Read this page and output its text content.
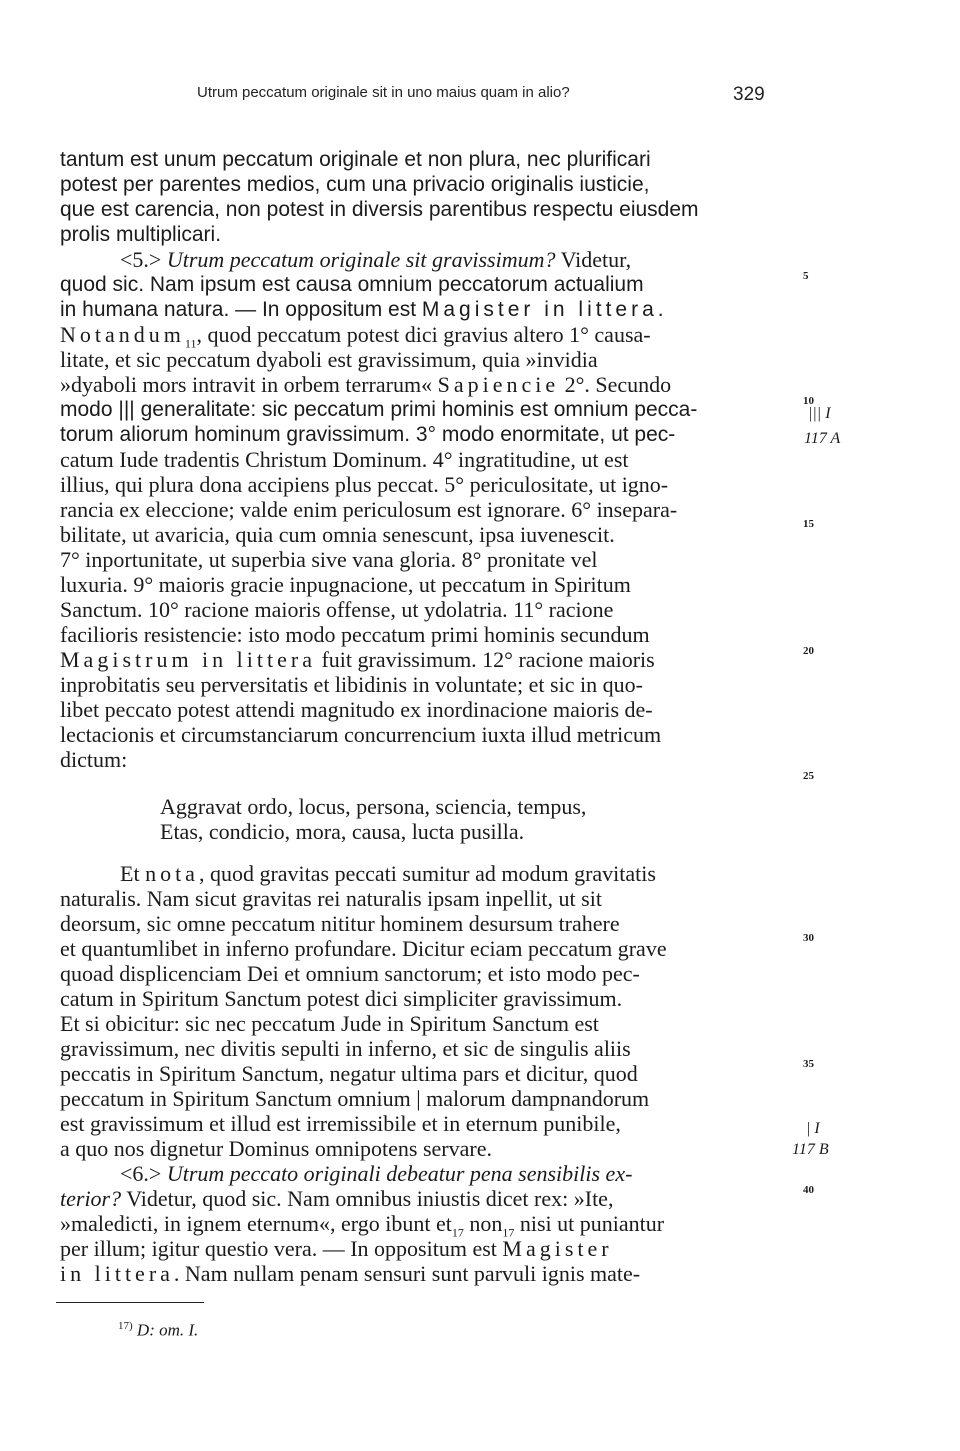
Utrum peccatum originale sit in uno maius quam in alio?	329
tantum est unum peccatum originale et non plura, nec plurificari
potest per parentes medios, cum una privacio originalis iusticie,
que est carencia, non potest in diversis parentibus respectu eiusdem
prolis multiplicari.
<5.> Utrum peccatum originale sit gravissimum? Videtur,
quod sic. Nam ipsum est causa omnium peccatorum actualium
in humana natura. — In oppositum est Magister in littera.
Notandum$_{11}$, quod peccatum potest dici gravius altero 1° causa-
litate, et sic peccatum dyaboli est gravissimum, quia »invidia
»dyaboli mors intravit in orbem terrarum« Sapiencie 2°. Secundo
modo ||| generalitate: sic peccatum primi hominis est omnium pecca-
torum aliorum hominum gravissimum. 3° modo enormitate, ut pec-
catum Iude tradentis Christum Dominum. 4° ingratitudine, ut est
illius, qui plura dona accipiens plus peccat. 5° periculositate, ut igno-
rancia ex eleccione; valde enim periculosum est ignorare. 6° insepara-
bilitate, ut avaricia, quia cum omnia senescunt, ipsa iuvenescit.
7° inportunitate, ut superbia sive vana gloria. 8° pronitate vel
luxuria. 9° maioris gracie inpugnacione, ut peccatum in Spiritum
Sanctum. 10° racione maioris offense, ut ydolatria. 11° racione
facilioris resistencie: isto modo peccatum primi hominis secundum
Magistrum in littera fuit gravissimum. 12° racione maioris
inprobitatis seu perversitatis et libidinis in voluntate; et sic in quo-
libet peccato potest attendi magnitudo ex inordinacione maioris de-
lectacionis et circumstanciarum concurrencium iuxta illud metricum
dictum:
Aggravat ordo, locus, persona, sciencia, tempus,
Etas, condicio, mora, causa, lucta pusilla.
Et nota, quod gravitas peccati sumitur ad modum gravitatis
naturalis. Nam sicut gravitas rei naturalis ipsam inpellit, ut sit
deorsum, sic omne peccatum nititur hominem desursum trahere
et quantumlibet in inferno profundare. Dicitur eciam peccatum grave
quoad displicenciam Dei et omnium sanctorum; et isto modo pec-
catum in Spiritum Sanctum potest dici simpliciter gravissimum.
Et si obicitur: sic nec peccatum Jude in Spiritum Sanctum est
gravissimum, nec divitis sepulti in inferno, et sic de singulis aliis
peccatis in Spiritum Sanctum, negatur ultima pars et dicitur, quod
peccatum in Spiritum Sanctum omnium | malorum dampnandorum
est gravissimum et illud est irremissibile et in eternum punibile,
a quo nos dignetur Dominus omnipotens servare.
<6.> Utrum peccato originali debeatur pena sensibilis ex-
terior? Videtur, quod sic. Nam omnibus iniustis dicet rex: »Ite,
»maledicti, in ignem eternum«, ergo ibunt $et_{17}$ non$_{17}$ nisi ut puniantur
per illum; igitur questio vera. — In oppositum est Magister
in littera. Nam nullam penam sensuri sunt parvuli ignis mate-
5
10
15
20
25
30
35
40
||| I
117 A
| I
117 B
$^{17)}$ D: om. I.
